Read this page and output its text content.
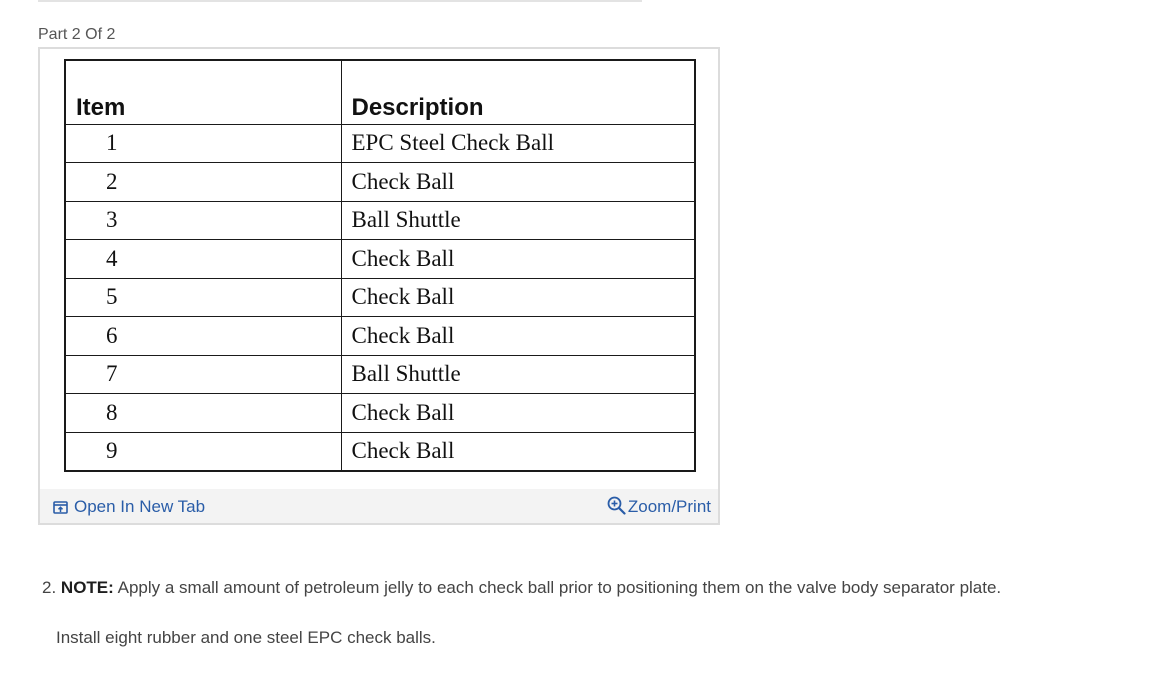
Part 2 Of 2
Item	Description
1	EPC Steel Check Ball
2	Check Ball
3	Ball Shuttle
4	Check Ball
5	Check Ball
6	Check Ball
7	Ball Shuttle
8	Check Ball
9	Check Ball
Open In New Tab	Zoom/Print
2. NOTE: Apply a small amount of petroleum jelly to each check ball prior to positioning them on the valve body separator plate.
Install eight rubber and one steel EPC check balls.
